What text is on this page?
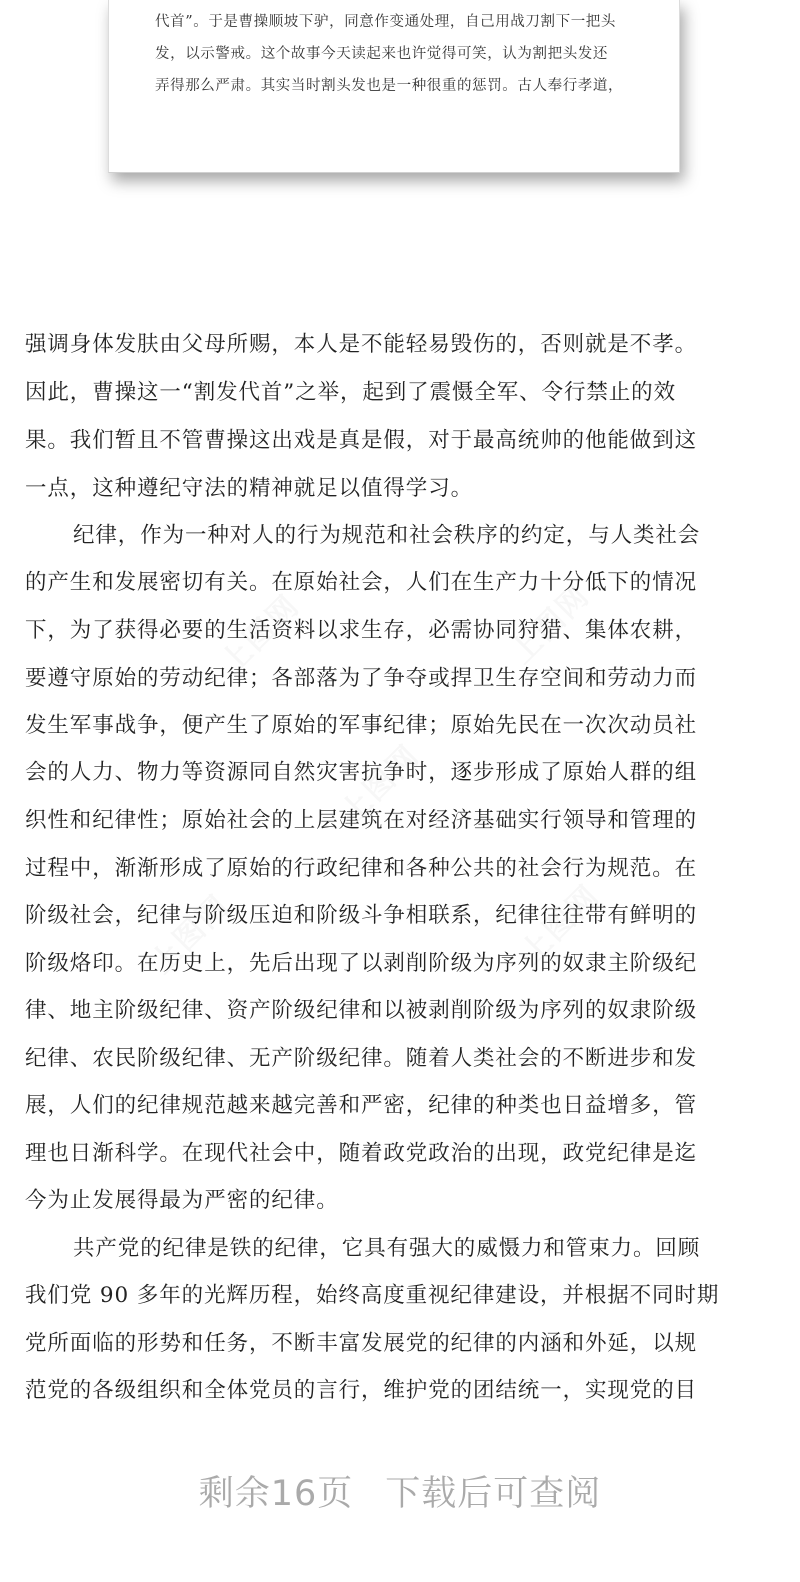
代首”。于是曹操顺坡下驴，同意作变通处理，自己用战刀割下一把头
发，以示警戒。这个故事今天读起来也许觉得可笑，认为割把头发还
弄得那么严肃。其实当时割头发也是一种很重的惩罚。古人奉行孝道，
上图网	上图网
上图网
上图网	上图网
强调身体发肤由父母所赐，本人是不能轻易毁伤的，否则就是不孝。
因此，曹操这一“割发代首”之举，起到了震慑全军、令行禁止的效
果。我们暂且不管曹操这出戏是真是假，对于最高统帅的他能做到这
一点，这种遵纪守法的精神就足以值得学习。
纪律，作为一种对人的行为规范和社会秩序的约定，与人类社会
的产生和发展密切有关。在原始社会，人们在生产力十分低下的情况
下，为了获得必要的生活资料以求生存，必需协同狩猎、集体农耕，
要遵守原始的劳动纪律；各部落为了争夺或捍卫生存空间和劳动力而
发生军事战争，便产生了原始的军事纪律；原始先民在一次次动员社
会的人力、物力等资源同自然灾害抗争时，逐步形成了原始人群的组
织性和纪律性；原始社会的上层建筑在对经济基础实行领导和管理的
过程中，渐渐形成了原始的行政纪律和各种公共的社会行为规范。在
阶级社会，纪律与阶级压迫和阶级斗争相联系，纪律往往带有鲜明的
阶级烙印。在历史上，先后出现了以剥削阶级为序列的奴隶主阶级纪
律、地主阶级纪律、资产阶级纪律和以被剥削阶级为序列的奴隶阶级
纪律、农民阶级纪律、无产阶级纪律。随着人类社会的不断进步和发
展，人们的纪律规范越来越完善和严密，纪律的种类也日益增多，管
理也日渐科学。在现代社会中，随着政党政治的出现，政党纪律是迄
今为止发展得最为严密的纪律。
共产党的纪律是铁的纪律，它具有强大的威慑力和管束力。回顾
我们党 90 多年的光辉历程，始终高度重视纪律建设，并根据不同时期
党所面临的形势和任务，不断丰富发展党的纪律的内涵和外延，以规
范党的各级组织和全体党员的言行，维护党的团结统一，实现党的目
剩余16页 下载后可查阅
